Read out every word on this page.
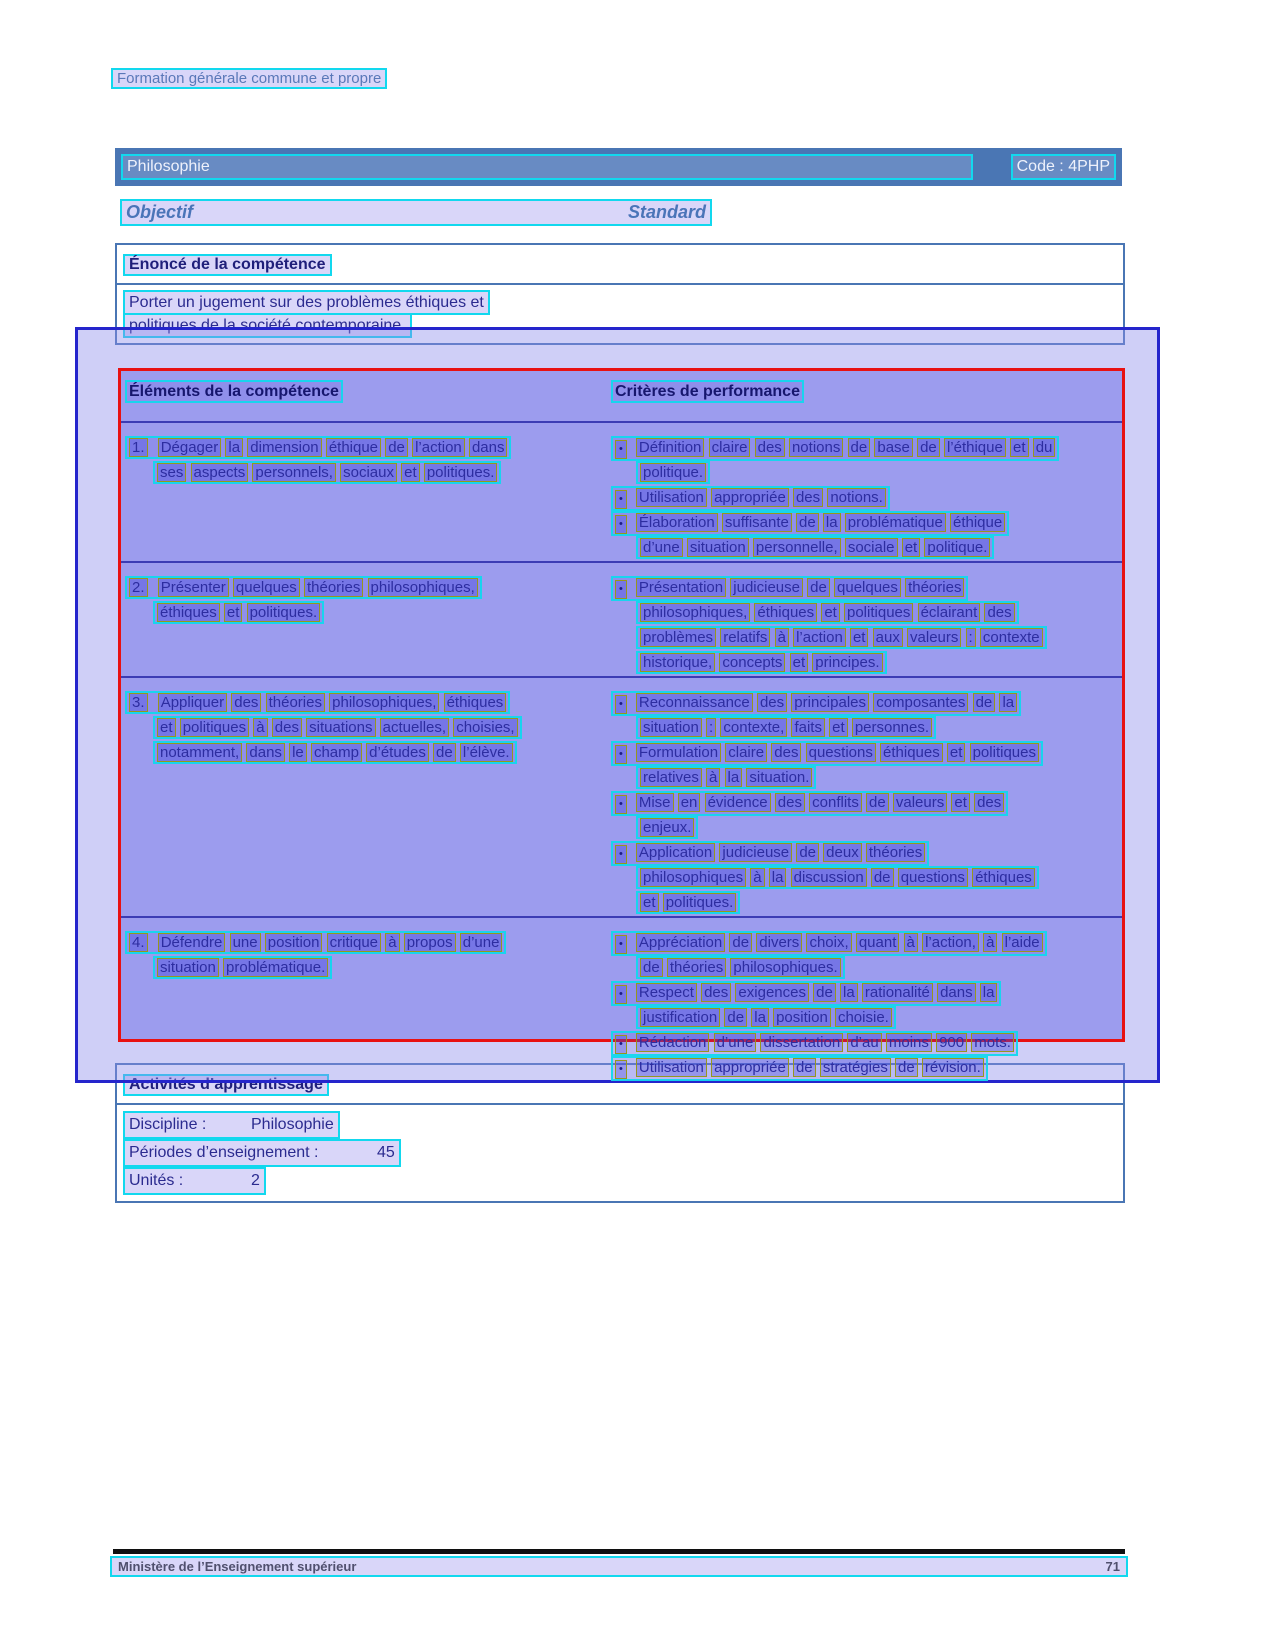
Formation générale commune et propre
Philosophie	Code : 4PHP
Objectif	Standard
Énoncé de la compétence
Porter un jugement sur des problèmes éthiques et
politiques de la société contemporaine.
Éléments de la compétence	Critères de performance
1. Dégager la dimension éthique de l’action dans
ses aspects personnels, sociaux et politiques.
• Définition claire des notions de base de l’éthique et du
politique.
• Utilisation appropriée des notions.
• Élaboration suffisante de la problématique éthique
d’une situation personnelle, sociale et politique.
2. Présenter quelques théories philosophiques,
éthiques et politiques.
• Présentation judicieuse de quelques théories
philosophiques, éthiques et politiques éclairant des
problèmes relatifs à l’action et aux valeurs : contexte
historique, concepts et principes.
3. Appliquer des théories philosophiques, éthiques
et politiques à des situations actuelles, choisies,
notamment, dans le champ d’études de l’élève.
• Reconnaissance des principales composantes de la
situation : contexte, faits et personnes.
• Formulation claire des questions éthiques et politiques
relatives à la situation.
• Mise en évidence des conflits de valeurs et des
enjeux.
• Application judicieuse de deux théories
philosophiques à la discussion de questions éthiques
et politiques.
4. Défendre une position critique à propos d’une
situation problématique.
• Appréciation de divers choix, quant à l’action, à l’aide
de théories philosophiques.
• Respect des exigences de la rationalité dans la
justification de la position choisie.
• Rédaction d’une dissertation d’au moins 900 mots.
• Utilisation appropriée de stratégies de révision.
Activités d’apprentissage
Discipline :	Philosophie
Périodes d’enseignement :	45
Unités :	2
Ministère de l’Enseignement supérieur	71
